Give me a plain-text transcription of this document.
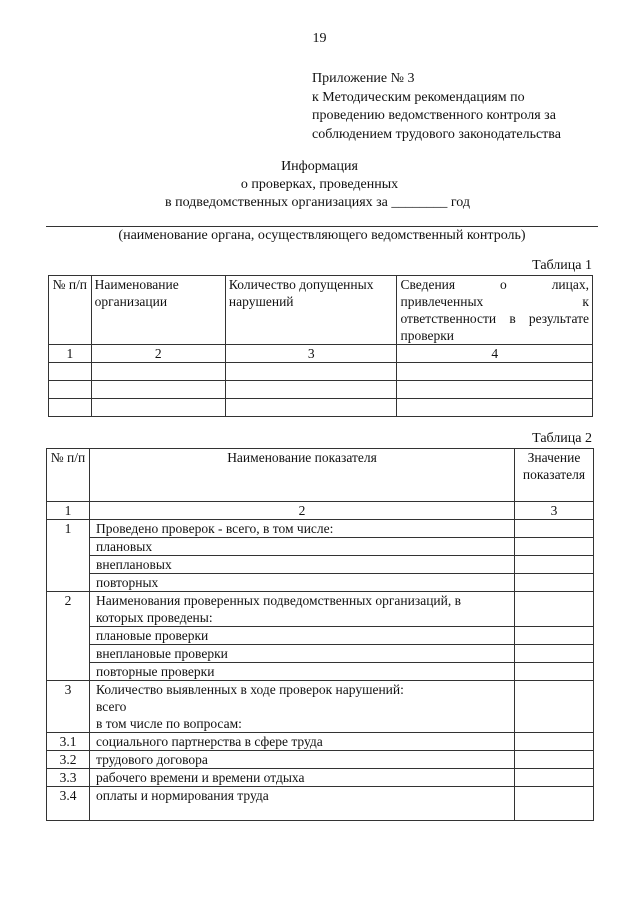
19
Приложение № 3
к Методическим рекомендациям по
проведению ведомственного контроля за
соблюдением трудового законодательства
Информация
о проверках, проведенных
в подведомственных организациях за ________ год
(наименование органа, осуществляющего ведомственный контроль)
Таблица 1
№ п/п	Наименование организации	Количество допущенных нарушений	Сведения о лицах, привлеченных к ответственности в результате
проверки

1	2	3	4

Таблица 2
№ п/п	Наименование показателя	Значение показателя
1	2	3
1	Проведено проверок - всего, в том числе:	
	плановых	
	внеплановых	
	повторных	
2	Наименования проверенных подведомственных организаций, в которых проведены:	
	плановые проверки	
	внеплановые проверки	
	повторные проверки	
3	Количество выявленных в ходе проверок нарушений:
всего
в том числе по вопросам:	

3.1	социального партнерства в сфере труда	
3.2	трудового договора	
3.3	рабочего времени и времени отдыха	
3.4	оплаты и нормирования труда	
